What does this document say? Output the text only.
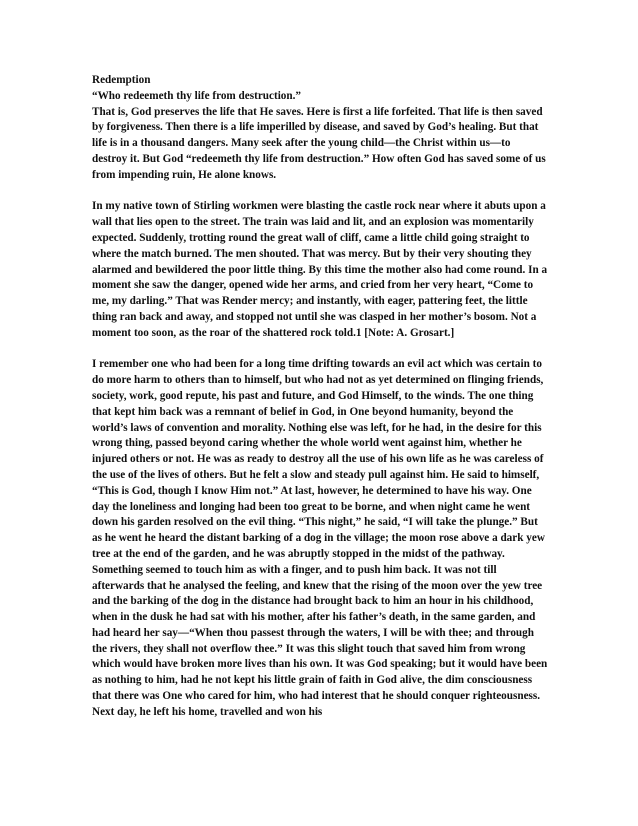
Redemption

“Who redeemeth thy life from destruction.”

That is, God preserves the life that He saves. Here is first a life forfeited. That life is then saved by forgiveness. Then there is a life imperilled by disease, and saved by God’s healing. But that life is in a thousand dangers. Many seek after the young child—the Christ within us—to destroy it. But God “redeemeth thy life from destruction.” How often God has saved some of us from impending ruin, He alone knows.

In my native town of Stirling workmen were blasting the castle rock near where it abuts upon a wall that lies open to the street. The train was laid and lit, and an explosion was momentarily expected. Suddenly, trotting round the great wall of cliff, came a little child going straight to where the match burned. The men shouted. That was mercy. But by their very shouting they alarmed and bewildered the poor little thing. By this time the mother also had come round. In a moment she saw the danger, opened wide her arms, and cried from her very heart, “Come to me, my darling.” That was Render mercy; and instantly, with eager, pattering feet, the little thing ran back and away, and stopped not until she was clasped in her mother’s bosom. Not a moment too soon, as the roar of the shattered rock told.1 [Note: A. Grosart.]

I remember one who had been for a long time drifting towards an evil act which was certain to do more harm to others than to himself, but who had not as yet determined on flinging friends, society, work, good repute, his past and future, and God Himself, to the winds. The one thing that kept him back was a remnant of belief in God, in One beyond humanity, beyond the world’s laws of convention and morality. Nothing else was left, for he had, in the desire for this wrong thing, passed beyond caring whether the whole world went against him, whether he injured others or not. He was as ready to destroy all the use of his own life as he was careless of the use of the lives of others. But he felt a slow and steady pull against him. He said to himself, “This is God, though I know Him not.” At last, however, he determined to have his way. One day the loneliness and longing had been too great to be borne, and when night came he went down his garden resolved on the evil thing. “This night,” he said, “I will take the plunge.” But as he went he heard the distant barking of a dog in the village; the moon rose above a dark yew tree at the end of the garden, and he was abruptly stopped in the midst of the pathway. Something seemed to touch him as with a finger, and to push him back. It was not till afterwards that he analysed the feeling, and knew that the rising of the moon over the yew tree and the barking of the dog in the distance had brought back to him an hour in his childhood, when in the dusk he had sat with his mother, after his father’s death, in the same garden, and had heard her say—“When thou passest through the waters, I will be with thee; and through the rivers, they shall not overflow thee.” It was this slight touch that saved him from wrong which would have broken more lives than his own. It was God speaking; but it would have been as nothing to him, had he not kept his little grain of faith in God alive, the dim consciousness that there was One who cared for him, who had interest that he should conquer righteousness. Next day, he left his home, travelled and won his
